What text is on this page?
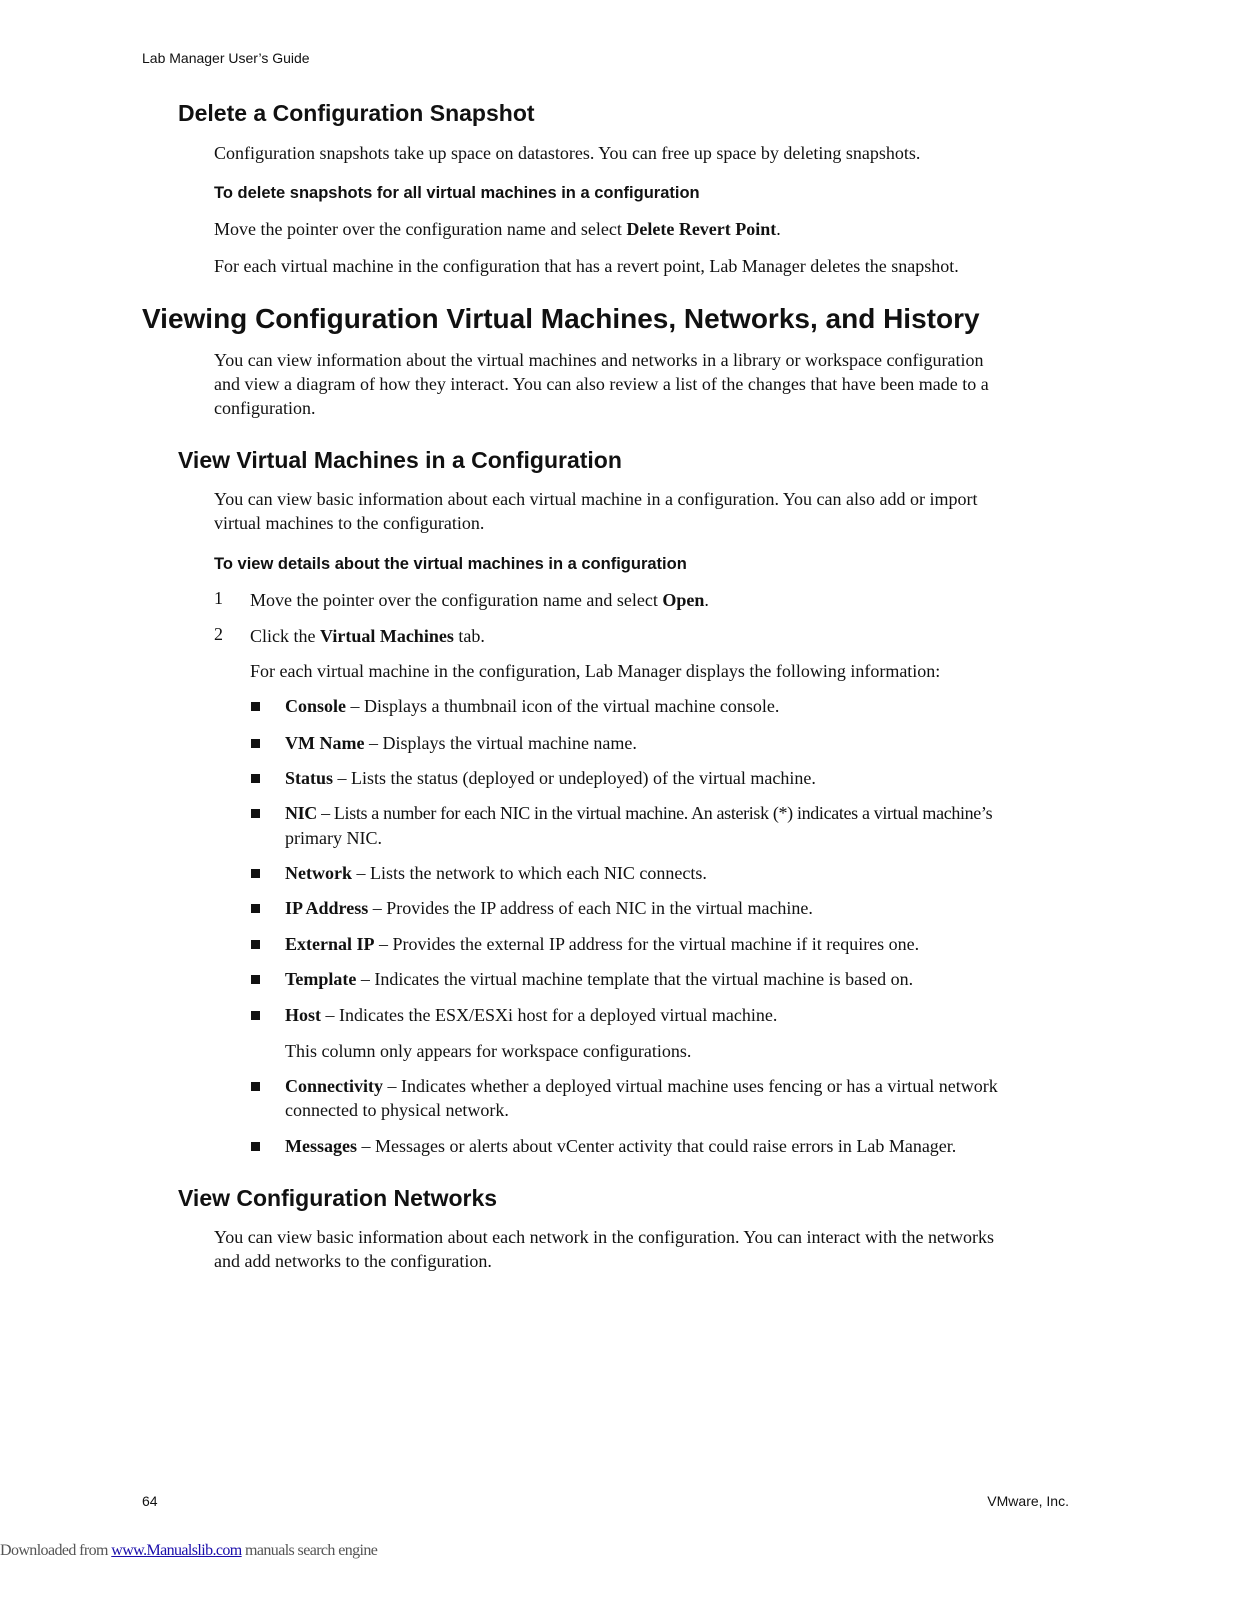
Lab Manager User’s Guide
Delete a Configuration Snapshot
Configuration snapshots take up space on datastores. You can free up space by deleting snapshots.
To delete snapshots for all virtual machines in a configuration
Move the pointer over the configuration name and select Delete Revert Point.
For each virtual machine in the configuration that has a revert point, Lab Manager deletes the snapshot.
Viewing Configuration Virtual Machines, Networks, and History
You can view information about the virtual machines and networks in a library or workspace configuration
and view a diagram of how they interact. You can also review a list of the changes that have been made to a
configuration.
View Virtual Machines in a Configuration
You can view basic information about each virtual machine in a configuration. You can also add or import
virtual machines to the configuration.
To view details about the virtual machines in a configuration
1 Move the pointer over the configuration name and select Open.
2 Click the Virtual Machines tab.
For each virtual machine in the configuration, Lab Manager displays the following information:
Console – Displays a thumbnail icon of the virtual machine console.
VM Name – Displays the virtual machine name.
Status – Lists the status (deployed or undeployed) of the virtual machine.
NIC – Lists a number for each NIC in the virtual machine. An asterisk (*) indicates a virtual machine’s
primary NIC.
Network – Lists the network to which each NIC connects.
IP Address – Provides the IP address of each NIC in the virtual machine.
External IP – Provides the external IP address for the virtual machine if it requires one.
Template – Indicates the virtual machine template that the virtual machine is based on.
Host – Indicates the ESX/ESXi host for a deployed virtual machine.
This column only appears for workspace configurations.
Connectivity – Indicates whether a deployed virtual machine uses fencing or has a virtual network
connected to physical network.
Messages – Messages or alerts about vCenter activity that could raise errors in Lab Manager.
View Configuration Networks
You can view basic information about each network in the configuration. You can interact with the networks
and add networks to the configuration.
64	VMware, Inc.
Downloaded from www.Manualslib.com manuals search engine
